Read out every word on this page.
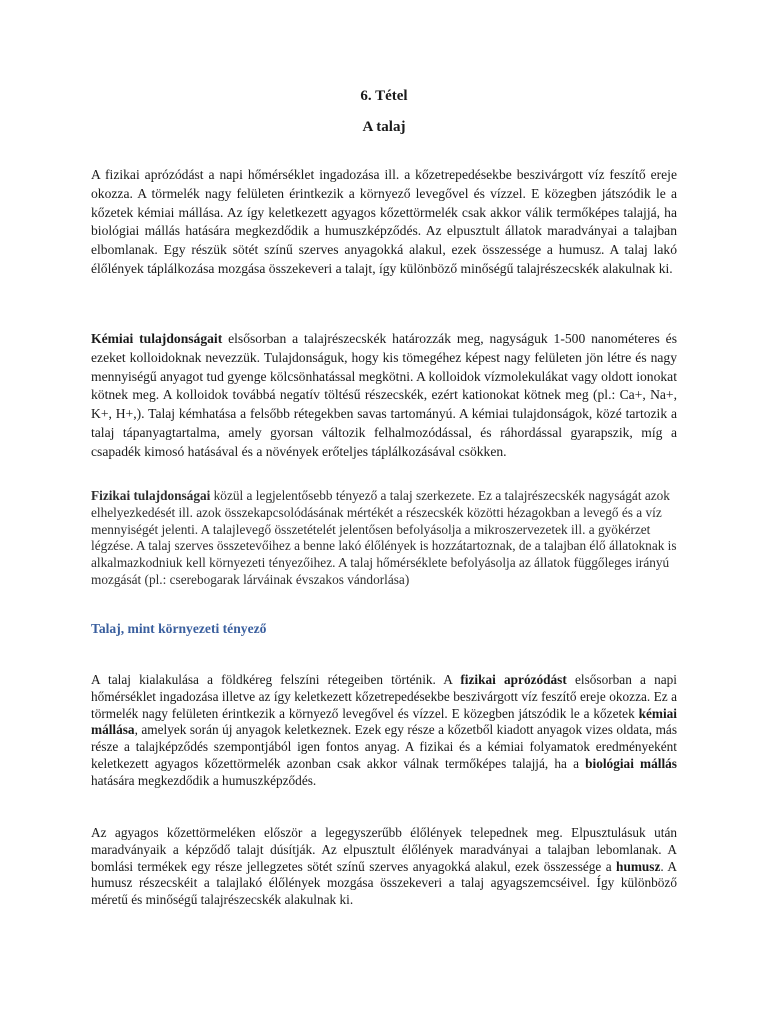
6. Tétel
A talaj

A fizikai aprózódást a napi hőmérséklet ingadozása ill. a kőzetrepedésekbe beszivárgott víz feszítő ereje okozza. A törmelék nagy felületen érintkezik a környező levegővel és vízzel. E közegben játszódik le a kőzetek kémiai mállása. Az így keletkezett agyagos kőzettörmelék csak akkor válik termőképes talajjá, ha biológiai mállás hatására megkezdődik a humuszképződés. Az elpusztult állatok maradványai a talajban elbomlanak. Egy részük sötét színű szerves anyagokká alakul, ezek összessége a humusz. A talaj lakó élőlények táplálkozása mozgása összekeveri a talajt, így különböző minőségű talajrészecskék alakulnak ki.

Kémiai tulajdonságait elsősorban a talajrészecskék határozzák meg, nagyságuk 1-500 nanométeres és ezeket kolloidoknak nevezzük. Tulajdonságuk, hogy kis tömegéhez képest nagy felületen jön létre és nagy mennyiségű anyagot tud gyenge kölcsönhatással megkötni. A kolloidok vízmolekulákat vagy oldott ionokat kötnek meg. A kolloidok továbbá negatív töltésű részecskék, ezért kationokat kötnek meg (pl.: Ca+, Na+, K+, H+,). Talaj kémhatása a felsőbb rétegekben savas tartományú. A kémiai tulajdonságok, közé tartozik a talaj tápanyagtartalma, amely gyorsan változik felhalmozódással, és ráhordással gyarapszik, míg a csapadék kimosó hatásával és a növények erőteljes táplálkozásával csökken.

Fizikai tulajdonságai közül a legjelentősebb tényező a talaj szerkezete. Ez a talajrészecskék nagyságát azok elhelyezkedését ill. azok összekapcsolódásának mértékét a részecskék közötti hézagokban a levegő és a víz mennyiségét jelenti. A talajlevegő összetételét jelentősen befolyásolja a mikroszervezetek ill. a gyökérzet légzése. A talaj szerves összetevőihez a benne lakó élőlények is hozzátartoznak, de a talajban élő állatoknak is alkalmazkodniuk kell környezeti tényezőihez. A talaj hőmérséklete befolyásolja az állatok függőleges irányú mozgását (pl.: cserebogarak lárváinak évszakos vándorlása)

Talaj, mint környezeti tényező

A talaj kialakulása a földkéreg felszíni rétegeiben történik. A fizikai aprózódást elsősorban a napi hőmérséklet ingadozása illetve az így keletkezett kőzetrepedésekbe beszivárgott víz feszítő ereje okozza. Ez a törmelék nagy felületen érintkezik a környező levegővel és vízzel. E közegben játszódik le a kőzetek kémiai mállása, amelyek során új anyagok keletkeznek. Ezek egy része a kőzetből kiadott anyagok vizes oldata, más része a talajképződés szempontjából igen fontos anyag. A fizikai és a kémiai folyamatok eredményeként keletkezett agyagos kőzettörmelék azonban csak akkor válnak termőképes talajjá, ha a biológiai mállás hatására megkezdődik a humuszképződés.

Az agyagos kőzettörmeléken először a legegyszerűbb élőlények telepednek meg. Elpusztulásuk után maradványaik a képződő talajt dúsítják. Az elpusztult élőlények maradványai a talajban lebomlanak. A bomlási termékek egy része jellegzetes sötét színű szerves anyagokká alakul, ezek összessége a humusz. A humusz részecskéit a talajlakó élőlények mozgása összekeveri a talaj agyagszemcséivel. Így különböző méretű és minőségű talajrészecskék alakulnak ki.
